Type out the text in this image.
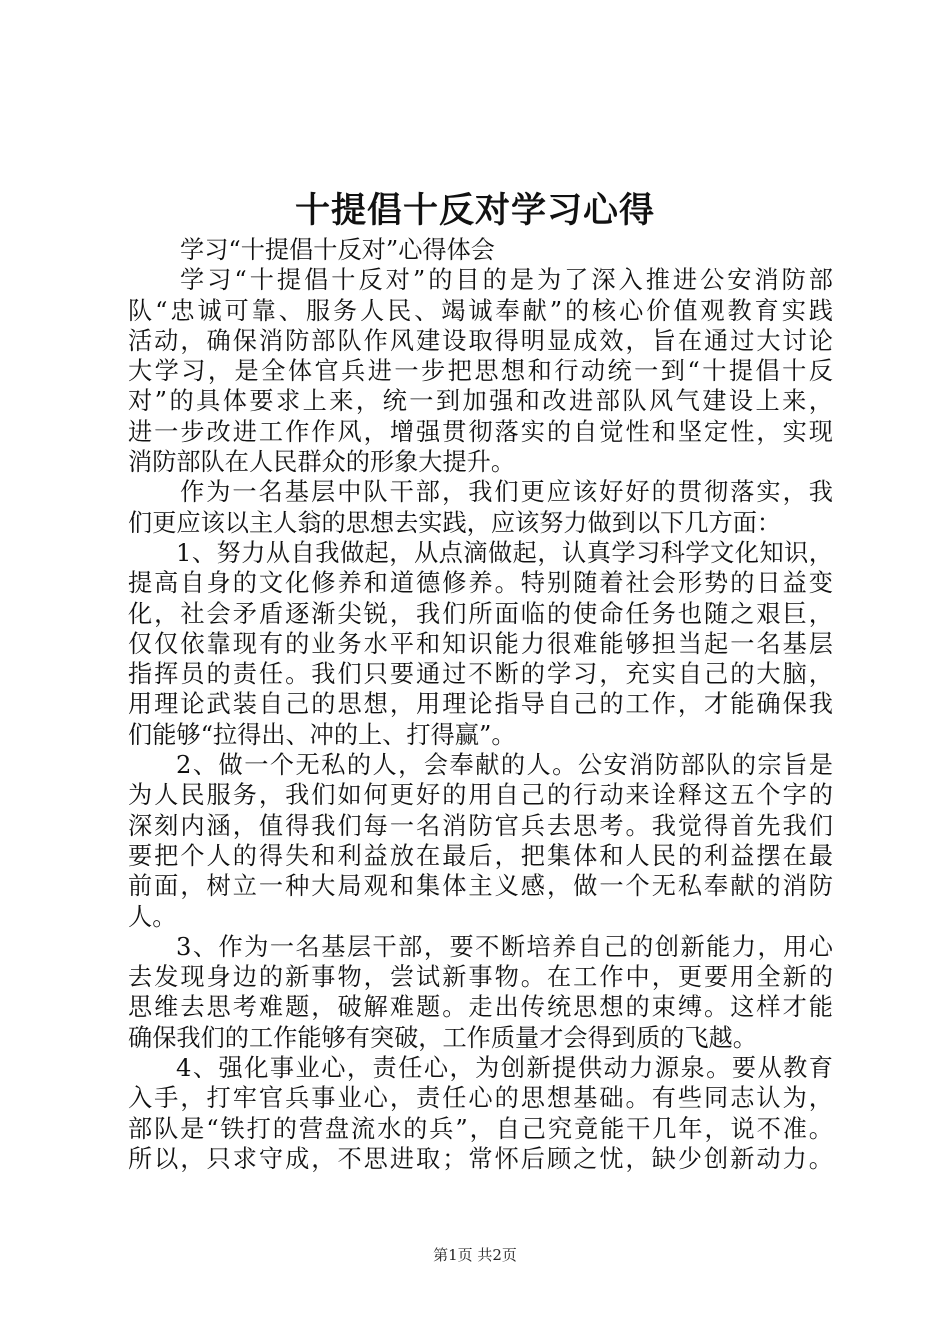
十提倡十反对学习心得
学习“十提倡十反对”心得体会
学习“十提倡十反对”的目的是为了深入推进公安消防部
队“忠诚可靠、服务人民、竭诚奉献”的核心价值观教育实践
活动，确保消防部队作风建设取得明显成效，旨在通过大讨论
大学习，是全体官兵进一步把思想和行动统一到“十提倡十反
对”的具体要求上来，统一到加强和改进部队风气建设上来，
进一步改进工作作风，增强贯彻落实的自觉性和坚定性，实现
消防部队在人民群众的形象大提升。
作为一名基层中队干部，我们更应该好好的贯彻落实，我
们更应该以主人翁的思想去实践，应该努力做到以下几方面：
1、努力从自我做起，从点滴做起，认真学习科学文化知识，
提高自身的文化修养和道德修养。特别随着社会形势的日益变
化，社会矛盾逐渐尖锐，我们所面临的使命任务也随之艰巨，
仅仅依靠现有的业务水平和知识能力很难能够担当起一名基层
指挥员的责任。我们只要通过不断的学习，充实自己的大脑，
用理论武装自己的思想，用理论指导自己的工作，才能确保我
们能够“拉得出、冲的上、打得赢”。
2、做一个无私的人，会奉献的人。公安消防部队的宗旨是
为人民服务，我们如何更好的用自己的行动来诠释这五个字的
深刻内涵，值得我们每一名消防官兵去思考。我觉得首先我们
要把个人的得失和利益放在最后，把集体和人民的利益摆在最
前面，树立一种大局观和集体主义感，做一个无私奉献的消防
人。
3、作为一名基层干部，要不断培养自己的创新能力，用心
去发现身边的新事物，尝试新事物。在工作中，更要用全新的
思维去思考难题，破解难题。走出传统思想的束缚。这样才能
确保我们的工作能够有突破，工作质量才会得到质的飞越。
4、强化事业心，责任心，为创新提供动力源泉。要从教育
入手，打牢官兵事业心，责任心的思想基础。有些同志认为，
部队是“铁打的营盘流水的兵”，自己究竟能干几年，说不准。
所以，只求守成，不思进取；常怀后顾之忧，缺少创新动力。
第1页 共2页
